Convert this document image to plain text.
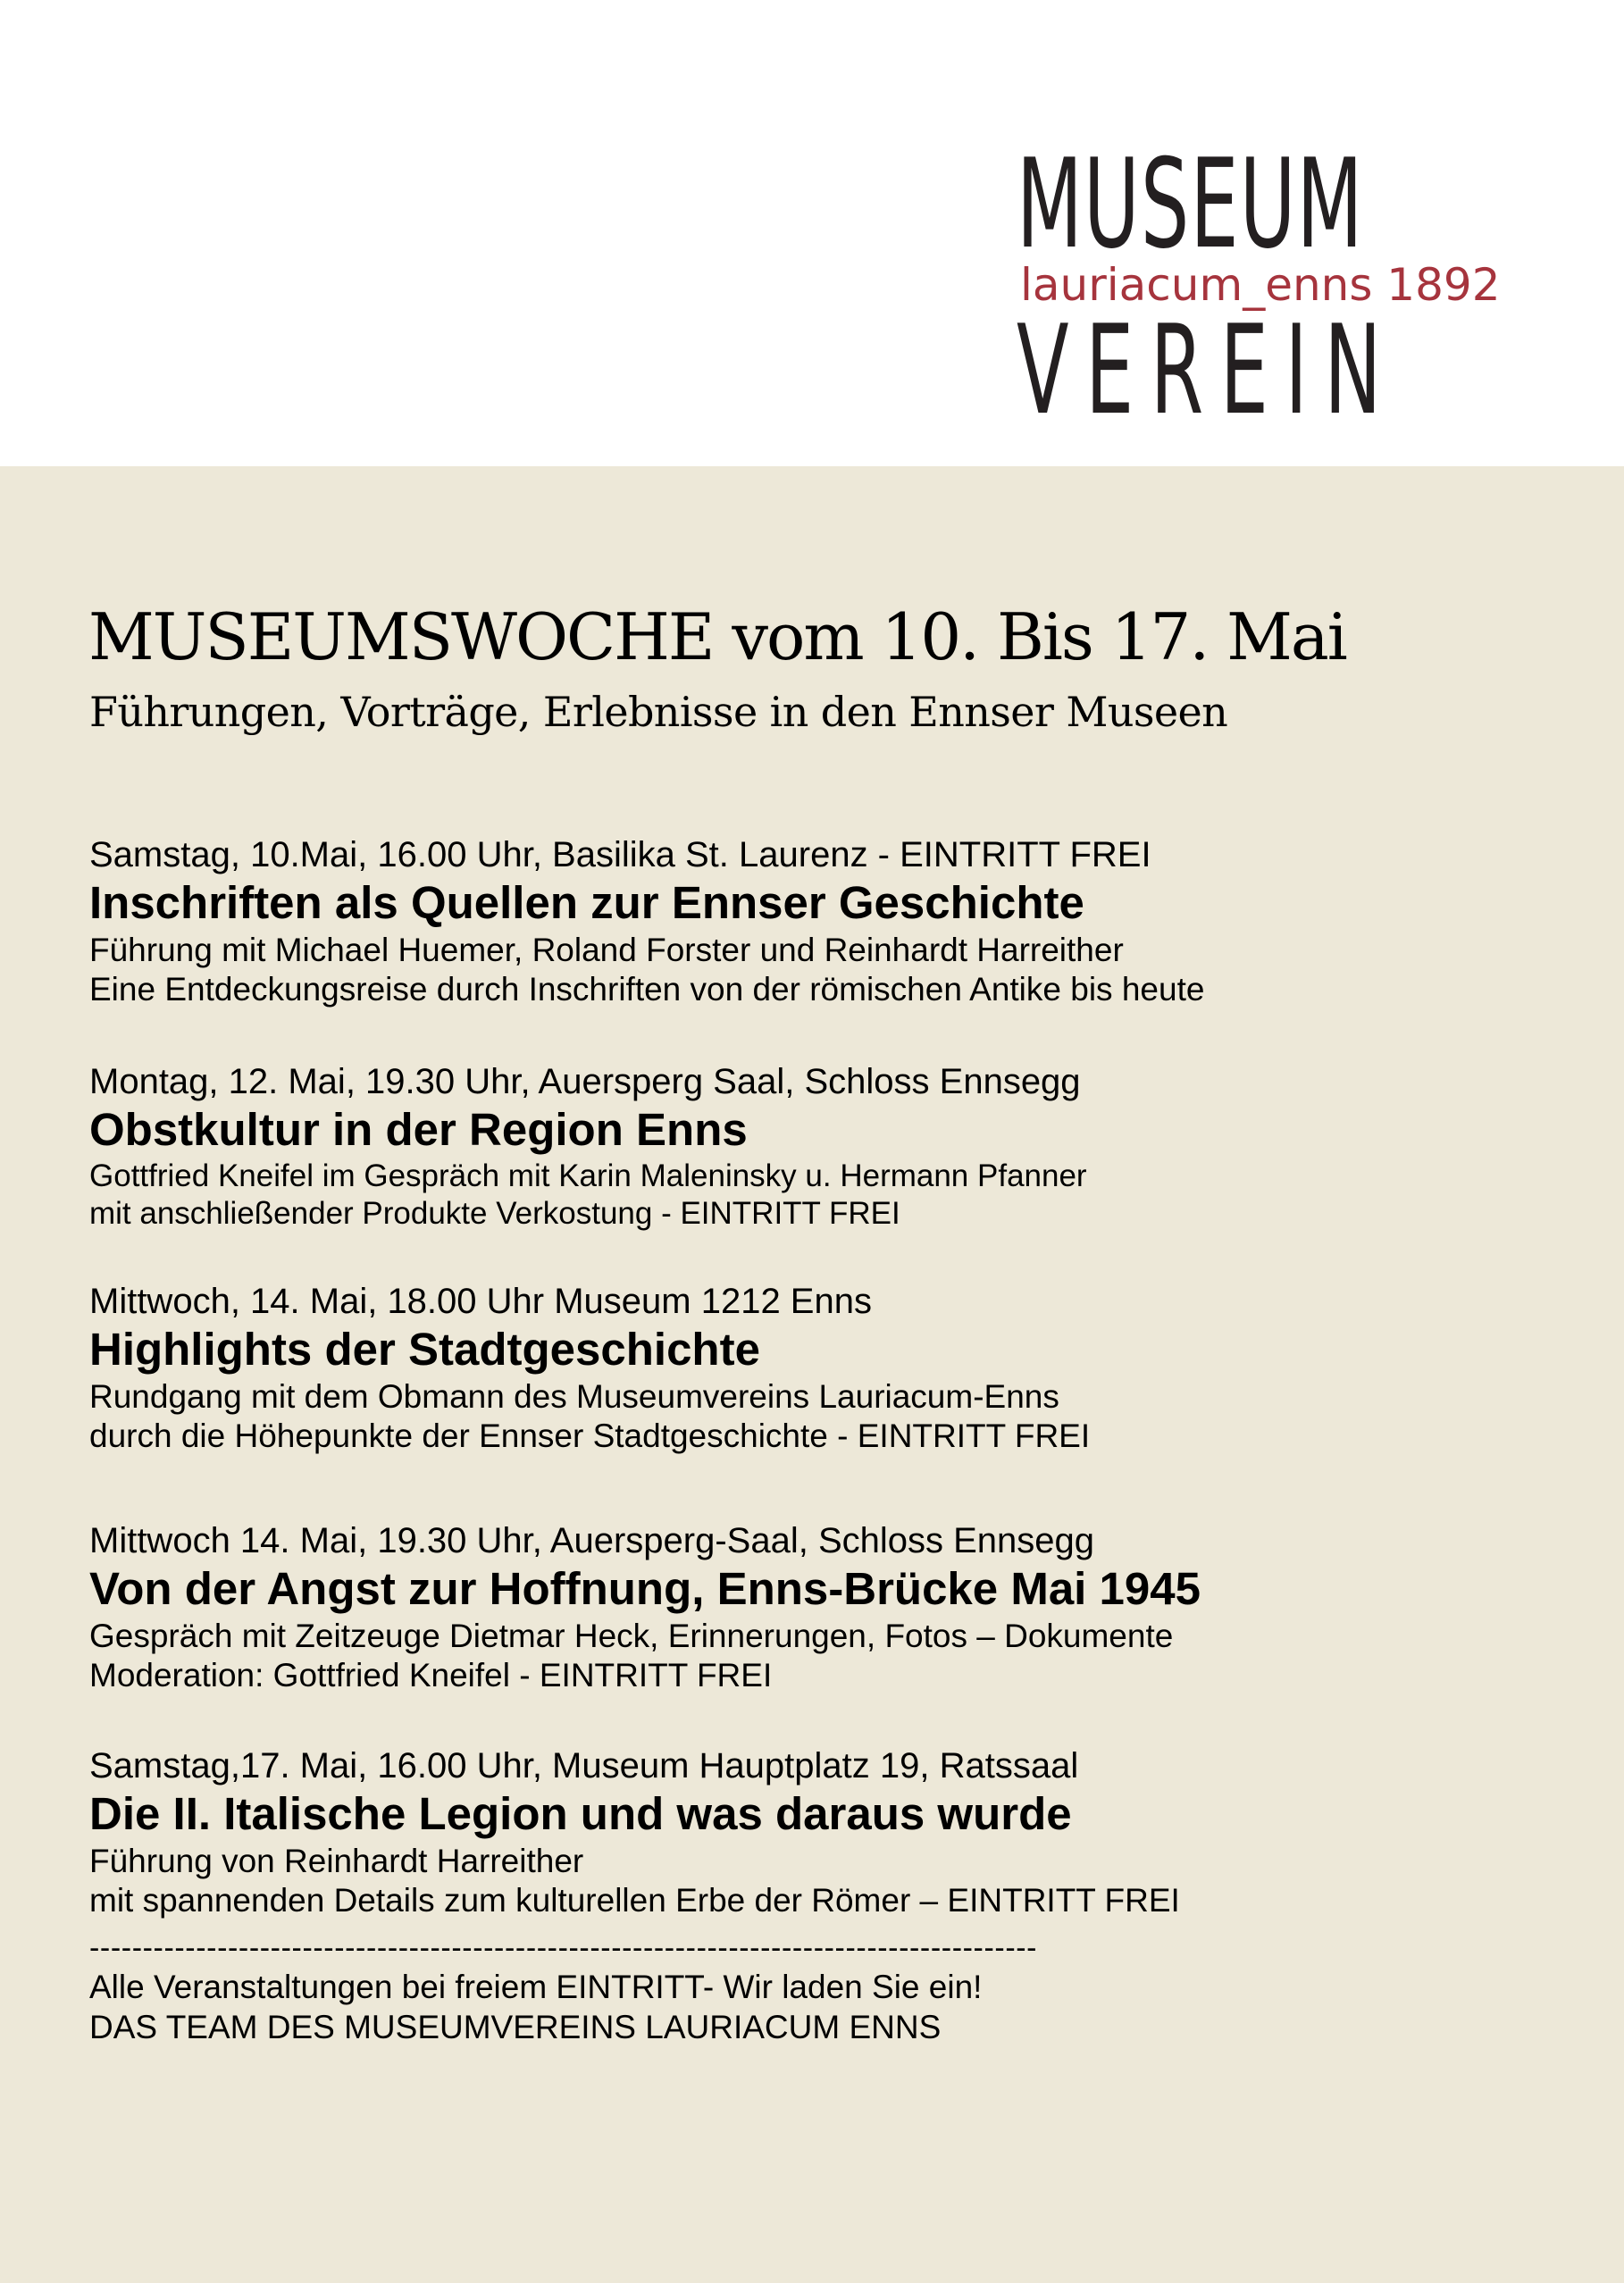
MUSEUM
lauriacum_enns 1892
VEREIN
MUSEUMSWOCHE vom 10. Bis 17. Mai

Führungen, Vorträge, Erlebnisse in den Ennser Museen

Samstag, 10.Mai, 16.00 Uhr, Basilika St. Laurenz - EINTRITT FREI
Inschriften als Quellen zur Ennser Geschichte
Führung mit Michael Huemer, Roland Forster und Reinhardt Harreither
Eine Entdeckungsreise durch Inschriften von der römischen Antike bis heute
Montag, 12. Mai, 19.30 Uhr, Auersperg Saal, Schloss Ennsegg
Obstkultur in der Region Enns
Gottfried Kneifel im Gespräch mit Karin Maleninsky u. Hermann Pfanner
mit anschließender Produkte Verkostung - EINTRITT FREI
Mittwoch, 14. Mai, 18.00 Uhr Museum 1212 Enns
Highlights der Stadtgeschichte
Rundgang mit dem Obmann des Museumvereins Lauriacum-Enns
durch die Höhepunkte der Ennser Stadtgeschichte - EINTRITT FREI
Mittwoch 14. Mai, 19.30 Uhr, Auersperg-Saal, Schloss Ennsegg
Von der Angst zur Hoffnung, Enns-Brücke Mai 1945
Gespräch mit Zeitzeuge Dietmar Heck, Erinnerungen, Fotos – Dokumente
Moderation: Gottfried Kneifel - EINTRITT FREI
Samstag,17. Mai, 16.00 Uhr, Museum Hauptplatz 19, Ratssaal
Die II. Italische Legion und was daraus wurde
Führung von Reinhardt Harreither
mit spannenden Details zum kulturellen Erbe der Römer – EINTRITT FREI
-----------------------------------------------------------------------------------------
Alle Veranstaltungen bei freiem EINTRITT- Wir laden Sie ein!
DAS TEAM DES MUSEUMVEREINS LAURIACUM ENNS
